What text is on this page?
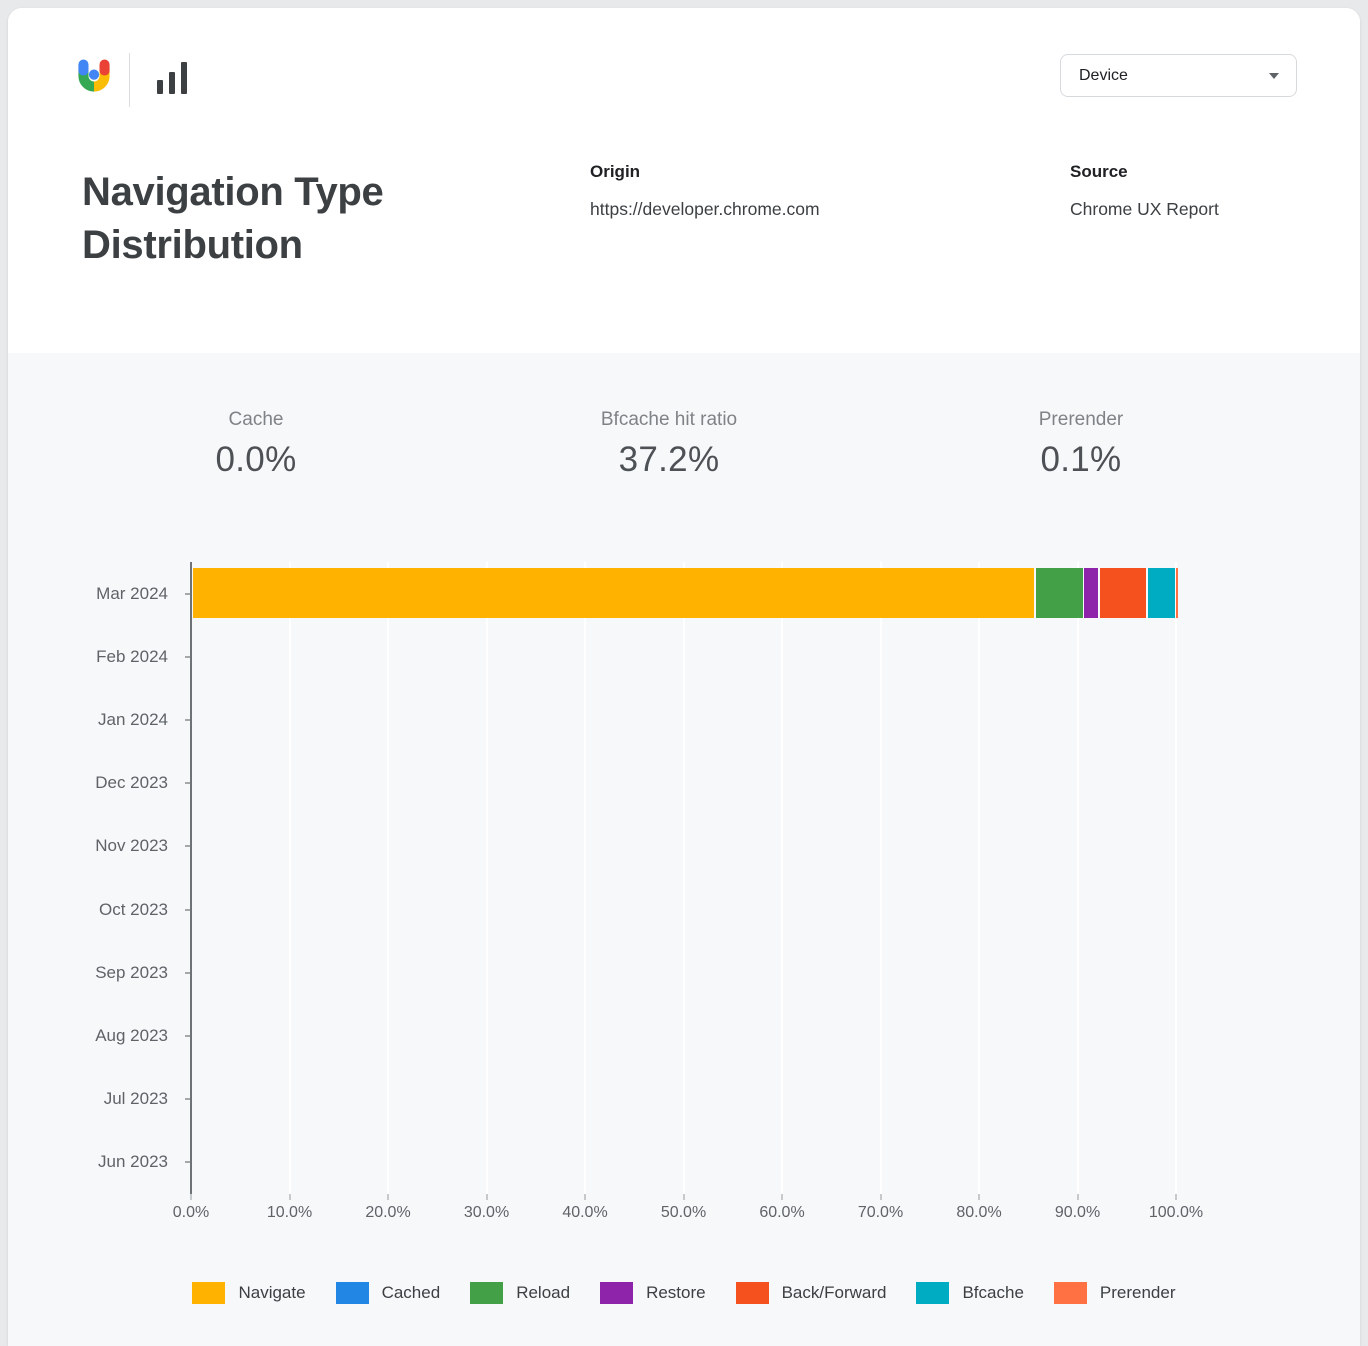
Device
Navigation Type Distribution
Origin
https://developer.chrome.com
Source
Chrome UX Report
Cache
0.0%
Bfcache hit ratio
37.2%
Prerender
0.1%
Mar 2024
Feb 2024
Jan 2024
Dec 2023
Nov 2023
Oct 2023
Sep 2023
Aug 2023
Jul 2023
Jun 2023
0.0%	10.0%	20.0%	30.0%	40.0%	50.0%	60.0%	70.0%	80.0%	90.0%	100.0%
Navigate	Cached	Reload	Restore	Back/Forward	Bfcache	Prerender
